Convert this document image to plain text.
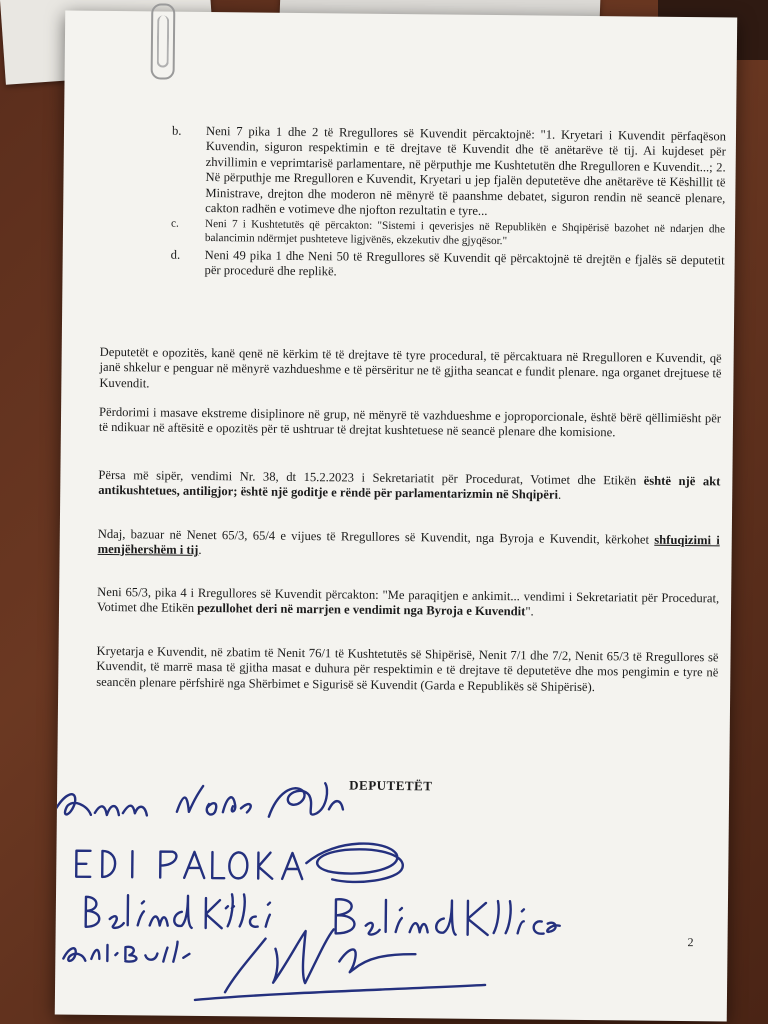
b. Neni 7 pika 1 dhe 2 të Rregullores së Kuvendit përcaktojnë: "1. Kryetari i Kuvendit përfaqëson Kuvendin, siguron respektimin e të drejtave të Kuvendit dhe të anëtarëve të tij. Ai kujdeset për zhvillimin e veprimtarisë parlamentare, në përputhje me Kushtetutën dhe Rregulloren e Kuvendit...; 2. Në përputhje me Rregulloren e Kuvendit, Kryetari u jep fjalën deputetëve dhe anëtarëve të Këshillit të Ministrave, drejton dhe moderon në mënyrë të paanshme debatet, siguron rendin në seancë plenare, cakton radhën e votimeve dhe njofton rezultatin e tyre...
c. Neni 7 i Kushtetutës që përcakton: "Sistemi i qeverisjes në Republikën e Shqipërisë bazohet në ndarjen dhe balancimin ndërmjet pushteteve ligjvënës, ekzekutiv dhe gjyqësor."
d. Neni 49 pika 1 dhe Neni 50 të Rregullores së Kuvendit që përcaktojnë të drejtën e fjalës së deputetit për procedurë dhe replikë.

Deputetët e opozitës, kanë qenë në kërkim të të drejtave të tyre procedural, të përcaktuara në Rregulloren e Kuvendit, që janë shkelur e penguar në mënyrë vazhdueshme e të përsëritur ne të gjitha seancat e fundit plenare. nga organet drejtuese të Kuvendit.

Përdorimi i masave ekstreme disiplinore në grup, në mënyrë të vazhdueshme e joproporcionale, është bërë qëllimiësht për të ndikuar në aftësitë e opozitës për të ushtruar të drejtat kushtetuese në seancë plenare dhe komisione.

Përsa më sipër, vendimi Nr. 38, dt 15.2.2023 i Sekretariatit për Procedurat, Votimet dhe Etikën është një akt antikushtetues, antiligjor; është një goditje e rëndë për parlamentarizmin në Shqipëri.

Ndaj, bazuar në Nenet 65/3, 65/4 e vijues të Rregullores së Kuvendit, nga Byroja e Kuvendit, kërkohet shfuqizimi i menjëhershëm i tij.

Neni 65/3, pika 4 i Rregullores së Kuvendit përcakton: "Me paraqitjen e ankimit... vendimi i Sekretariatit për Procedurat, Votimet dhe Etikën pezullohet deri në marrjen e vendimit nga Byroja e Kuvendit".

Kryetarja e Kuvendit, në zbatim të Nenit 76/1 të Kushtetutës së Shipërisë, Nenit 7/1 dhe 7/2, Nenit 65/3 të Rregullores së Kuvendit, të marrë masa të gjitha masat e duhura për respektimin e të drejtave të deputetëve dhe mos pengimin e tyre në seancën plenare përfshirë nga Shërbimet e Sigurisë së Kuvendit (Garda e Republikës së Shipërisë).

DEPUTETËT
2
